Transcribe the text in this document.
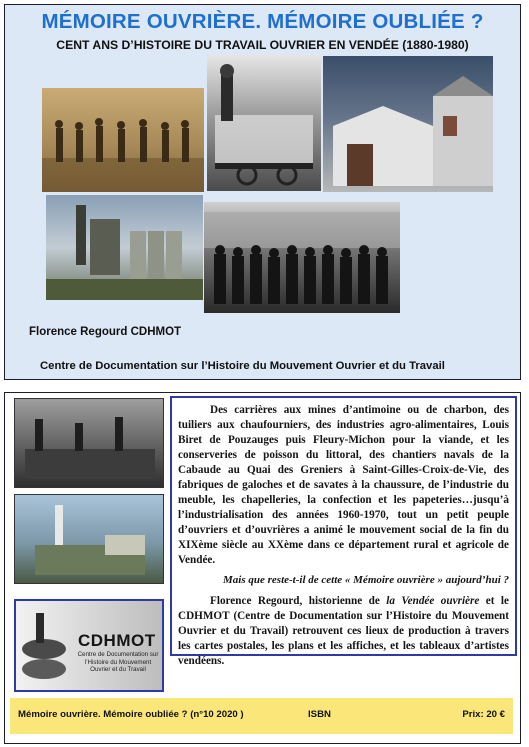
MÉMOIRE OUVRIÈRE. MÉMOIRE OUBLIÉE ?
CENT ANS D’HISTOIRE DU TRAVAIL OUVRIER EN VENDÉE (1880-1980)
Florence Regourd CDHMOT
Centre de Documentation sur l’Histoire du Mouvement Ouvrier et du Travail
CDHMOT
Centre de Documentation sur l’Histoire du Mouvement Ouvrier et du Travail

Des carrières aux mines d’antimoine ou de charbon, des tuiliers aux chaufourniers, des industries agro-alimentaires, Louis Biret de Pouzauges puis Fleury-Michon pour la viande, et les conserveries de poisson du littoral, des chantiers navals de la Cabaude au Quai des Greniers à Saint-Gilles-Croix-de-Vie, des fabriques de galoches et de savates à la chaussure, de l’industrie du meuble, les chapelleries, la confection et les papeteries…jusqu’à l’industrialisation des années 1960-1970, tout un petit peuple d’ouvriers et d’ouvrières a animé le mouvement social de la fin du XIXème siècle au XXème dans ce département rural et agricole de Vendée.

Mais que reste-t-il de cette « Mémoire ouvrière » aujourd’hui ?

Florence Regourd, historienne de la Vendée ouvrière et le CDHMOT (Centre de Documentation sur l’Histoire du Mouvement Ouvrier et du Travail) retrouvent ces lieux de production à travers les cartes postales, les plans et les affiches, et les tableaux d’artistes vendéens.

Mémoire ouvrière. Mémoire oubliée ? (n°10 2020 )	ISBN	Prix: 20 €
